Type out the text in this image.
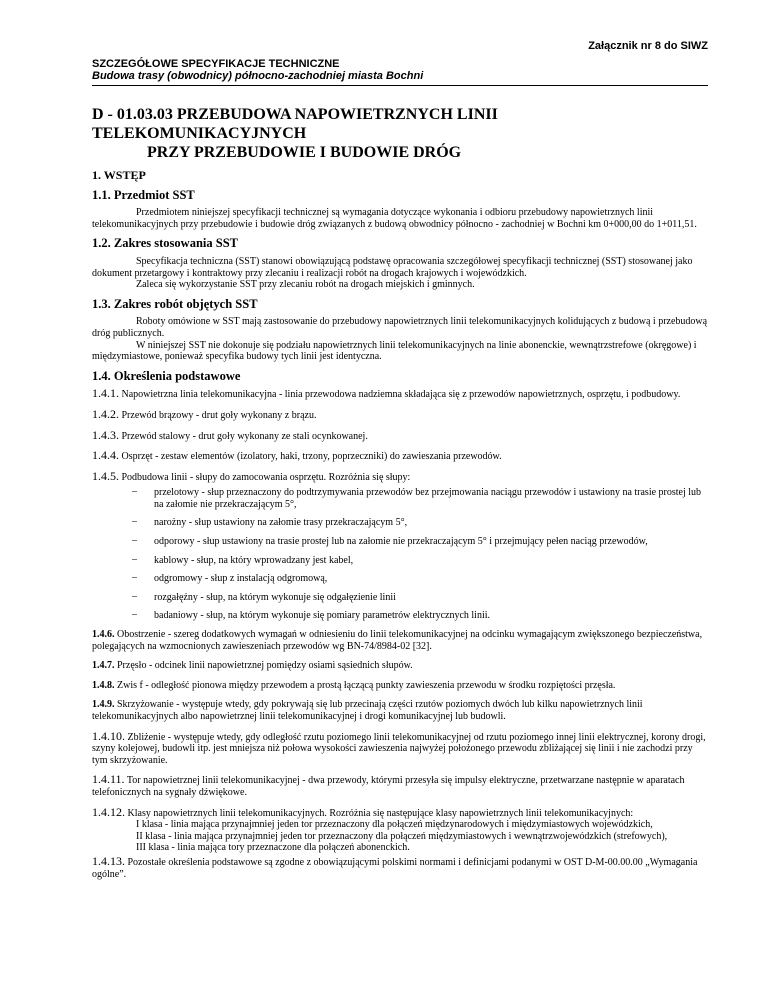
Załącznik nr 8 do SIWZ
SZCZEGÓŁOWE SPECYFIKACJE TECHNICZNE
Budowa trasy (obwodnicy) północno-zachodniej miasta Bochni
D - 01.03.03 PRZEBUDOWA NAPOWIETRZNYCH LINII TELEKOMUNIKACYJNYCH
PRZY PRZEBUDOWIE I BUDOWIE DRÓG
1. WSTĘP
1.1. Przedmiot SST
Przedmiotem niniejszej specyfikacji technicznej są wymagania dotyczące wykonania i odbioru przebudowy napowietrznych linii telekomunikacyjnych przy przebudowie i budowie dróg związanych z budową obwodnicy północno - zachodniej w Bochni km 0+000,00 do 1+011,51.
1.2. Zakres stosowania SST
Specyfikacja techniczna (SST) stanowi obowiązującą podstawę opracowania szczegółowej specyfikacji technicznej (SST) stosowanej jako dokument przetargowy i kontraktowy przy zlecaniu i realizacji robót na drogach krajowych i wojewódzkich.
Zaleca się wykorzystanie SST przy zlecaniu robót na drogach miejskich i gminnych.
1.3. Zakres robót objętych SST
Roboty omówione w SST mają zastosowanie do przebudowy napowietrznych linii telekomunikacyjnych kolidujących z budową i przebudową dróg publicznych.
W niniejszej SST nie dokonuje się podziału napowietrznych linii telekomunikacyjnych na linie abonenckie, wewnątrzstrefowe (okręgowe) i międzymiastowe, ponieważ specyfika budowy tych linii jest identyczna.
1.4. Określenia podstawowe
1.4.1. Napowietrzna linia telekomunikacyjna - linia przewodowa nadziemna składająca się z przewodów napowietrznych, osprzętu, i podbudowy.
1.4.2. Przewód brązowy - drut goły wykonany z brązu.
1.4.3. Przewód stalowy - drut goły wykonany ze stali ocynkowanej.
1.4.4. Osprzęt - zestaw elementów (izolatory, haki, trzony, poprzeczniki) do zawieszania przewodów.
1.4.5. Podbudowa linii - słupy do zamocowania osprzętu. Rozróżnia się słupy:
– przelotowy - słup przeznaczony do podtrzymywania przewodów bez przejmowania naciągu przewodów i ustawiony na trasie prostej lub na załomie nie przekraczającym 5°,
– narożny - słup ustawiony na załomie trasy przekraczającym 5°,
– odporowy - słup ustawiony na trasie prostej lub na załomie nie przekraczającym 5° i przejmujący pełen naciąg przewodów,
– kablowy - słup, na który wprowadzany jest kabel,
– odgromowy - słup z instalacją odgromową,
– rozgałęźny - słup, na którym wykonuje się odgałęzienie linii
– badaniowy - słup, na którym wykonuje się pomiary parametrów elektrycznych linii.
1.4.6. Obostrzenie - szereg dodatkowych wymagań w odniesieniu do linii telekomunikacyjnej na odcinku wymagającym zwiększonego bezpieczeństwa, polegających na wzmocnionych zawieszeniach przewodów wg BN-74/8984-02 [32].
1.4.7. Przęsło - odcinek linii napowietrznej pomiędzy osiami sąsiednich słupów.
1.4.8. Zwis f - odległość pionowa między przewodem a prostą łączącą punkty zawieszenia przewodu w środku rozpiętości przęsła.
1.4.9. Skrzyżowanie - występuje wtedy, gdy pokrywają się lub przecinają części rzutów poziomych dwóch lub kilku napowietrznych linii telekomunikacyjnych albo napowietrznej linii telekomunikacyjnej i drogi komunikacyjnej lub budowli.
1.4.10. Zbliżenie - występuje wtedy, gdy odległość rzutu poziomego linii telekomunikacyjnej od rzutu poziomego innej linii elektrycznej, korony drogi, szyny kolejowej, budowli itp. jest mniejsza niż połowa wysokości zawieszenia najwyżej położonego przewodu zbliżającej się linii i nie zachodzi przy tym skrzyżowanie.
1.4.11. Tor napowietrznej linii telekomunikacyjnej - dwa przewody, którymi przesyła się impulsy elektryczne, przetwarzane następnie w aparatach telefonicznych na sygnały dźwiękowe.
1.4.12. Klasy napowietrznych linii telekomunikacyjnych. Rozróżnia się następujące klasy napowietrznych linii telekomunikacyjnych:
I klasa - linia mająca przynajmniej jeden tor przeznaczony dla połączeń międzynarodowych i międzymiastowych wojewódzkich,
II klasa - linia mająca przynajmniej jeden tor przeznaczony dla połączeń międzymiastowych i wewnątrzwojewódzkich (strefowych),
III klasa - linia mająca tory przeznaczone dla połączeń abonenckich.
1.4.13. Pozostałe określenia podstawowe są zgodne z obowiązującymi polskimi normami i definicjami podanymi w OST D-M-00.00.00 „Wymagania ogólne”.
